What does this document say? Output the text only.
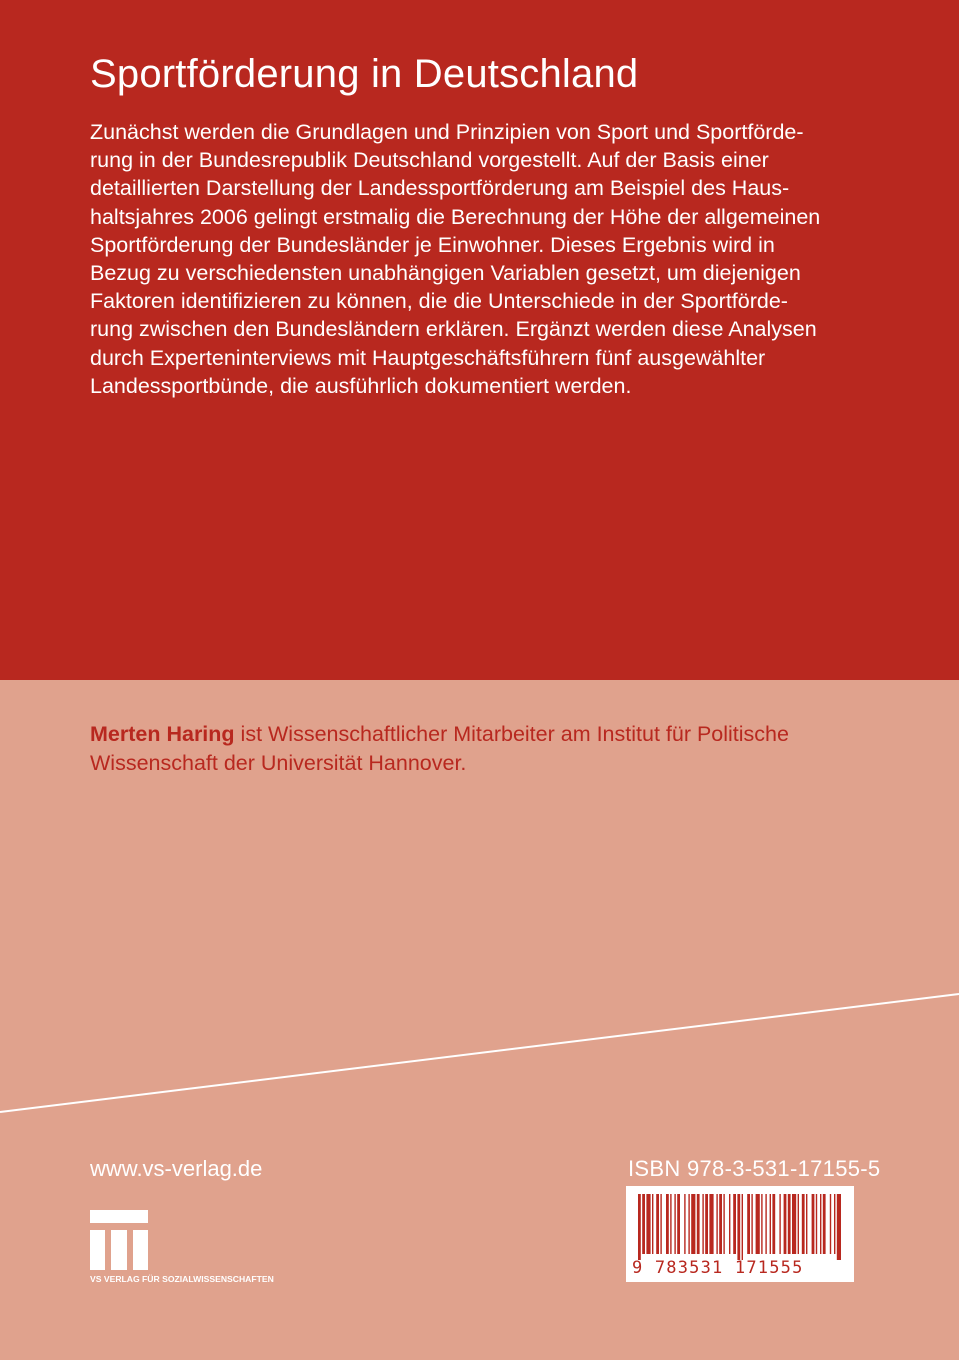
Sportförderung in Deutschland

Zunächst werden die Grundlagen und Prinzipien von Sport und Sportförde-
rung in der Bundesrepublik Deutschland vorgestellt. Auf der Basis einer
detaillierten Darstellung der Landessportförderung am Beispiel des Haus-
haltsjahres 2006 gelingt erstmalig die Berechnung der Höhe der allgemeinen
Sportförderung der Bundesländer je Einwohner. Dieses Ergebnis wird in
Bezug zu verschiedensten unabhängigen Variablen gesetzt, um diejenigen
Faktoren identifizieren zu können, die die Unterschiede in der Sportförde-
rung zwischen den Bundesländern erklären. Ergänzt werden diese Analysen
durch Experteninterviews mit Hauptgeschäftsführern fünf ausgewählter
Landessportbünde, die ausführlich dokumentiert werden.

Merten Haring ist Wissenschaftlicher Mitarbeiter am Institut für Politische
Wissenschaft der Universität Hannover.

www.vs-verlag.de
VS VERLAG FÜR SOZIALWISSENSCHAFTEN
ISBN 978-3-531-17155-5
9 783531 171555
